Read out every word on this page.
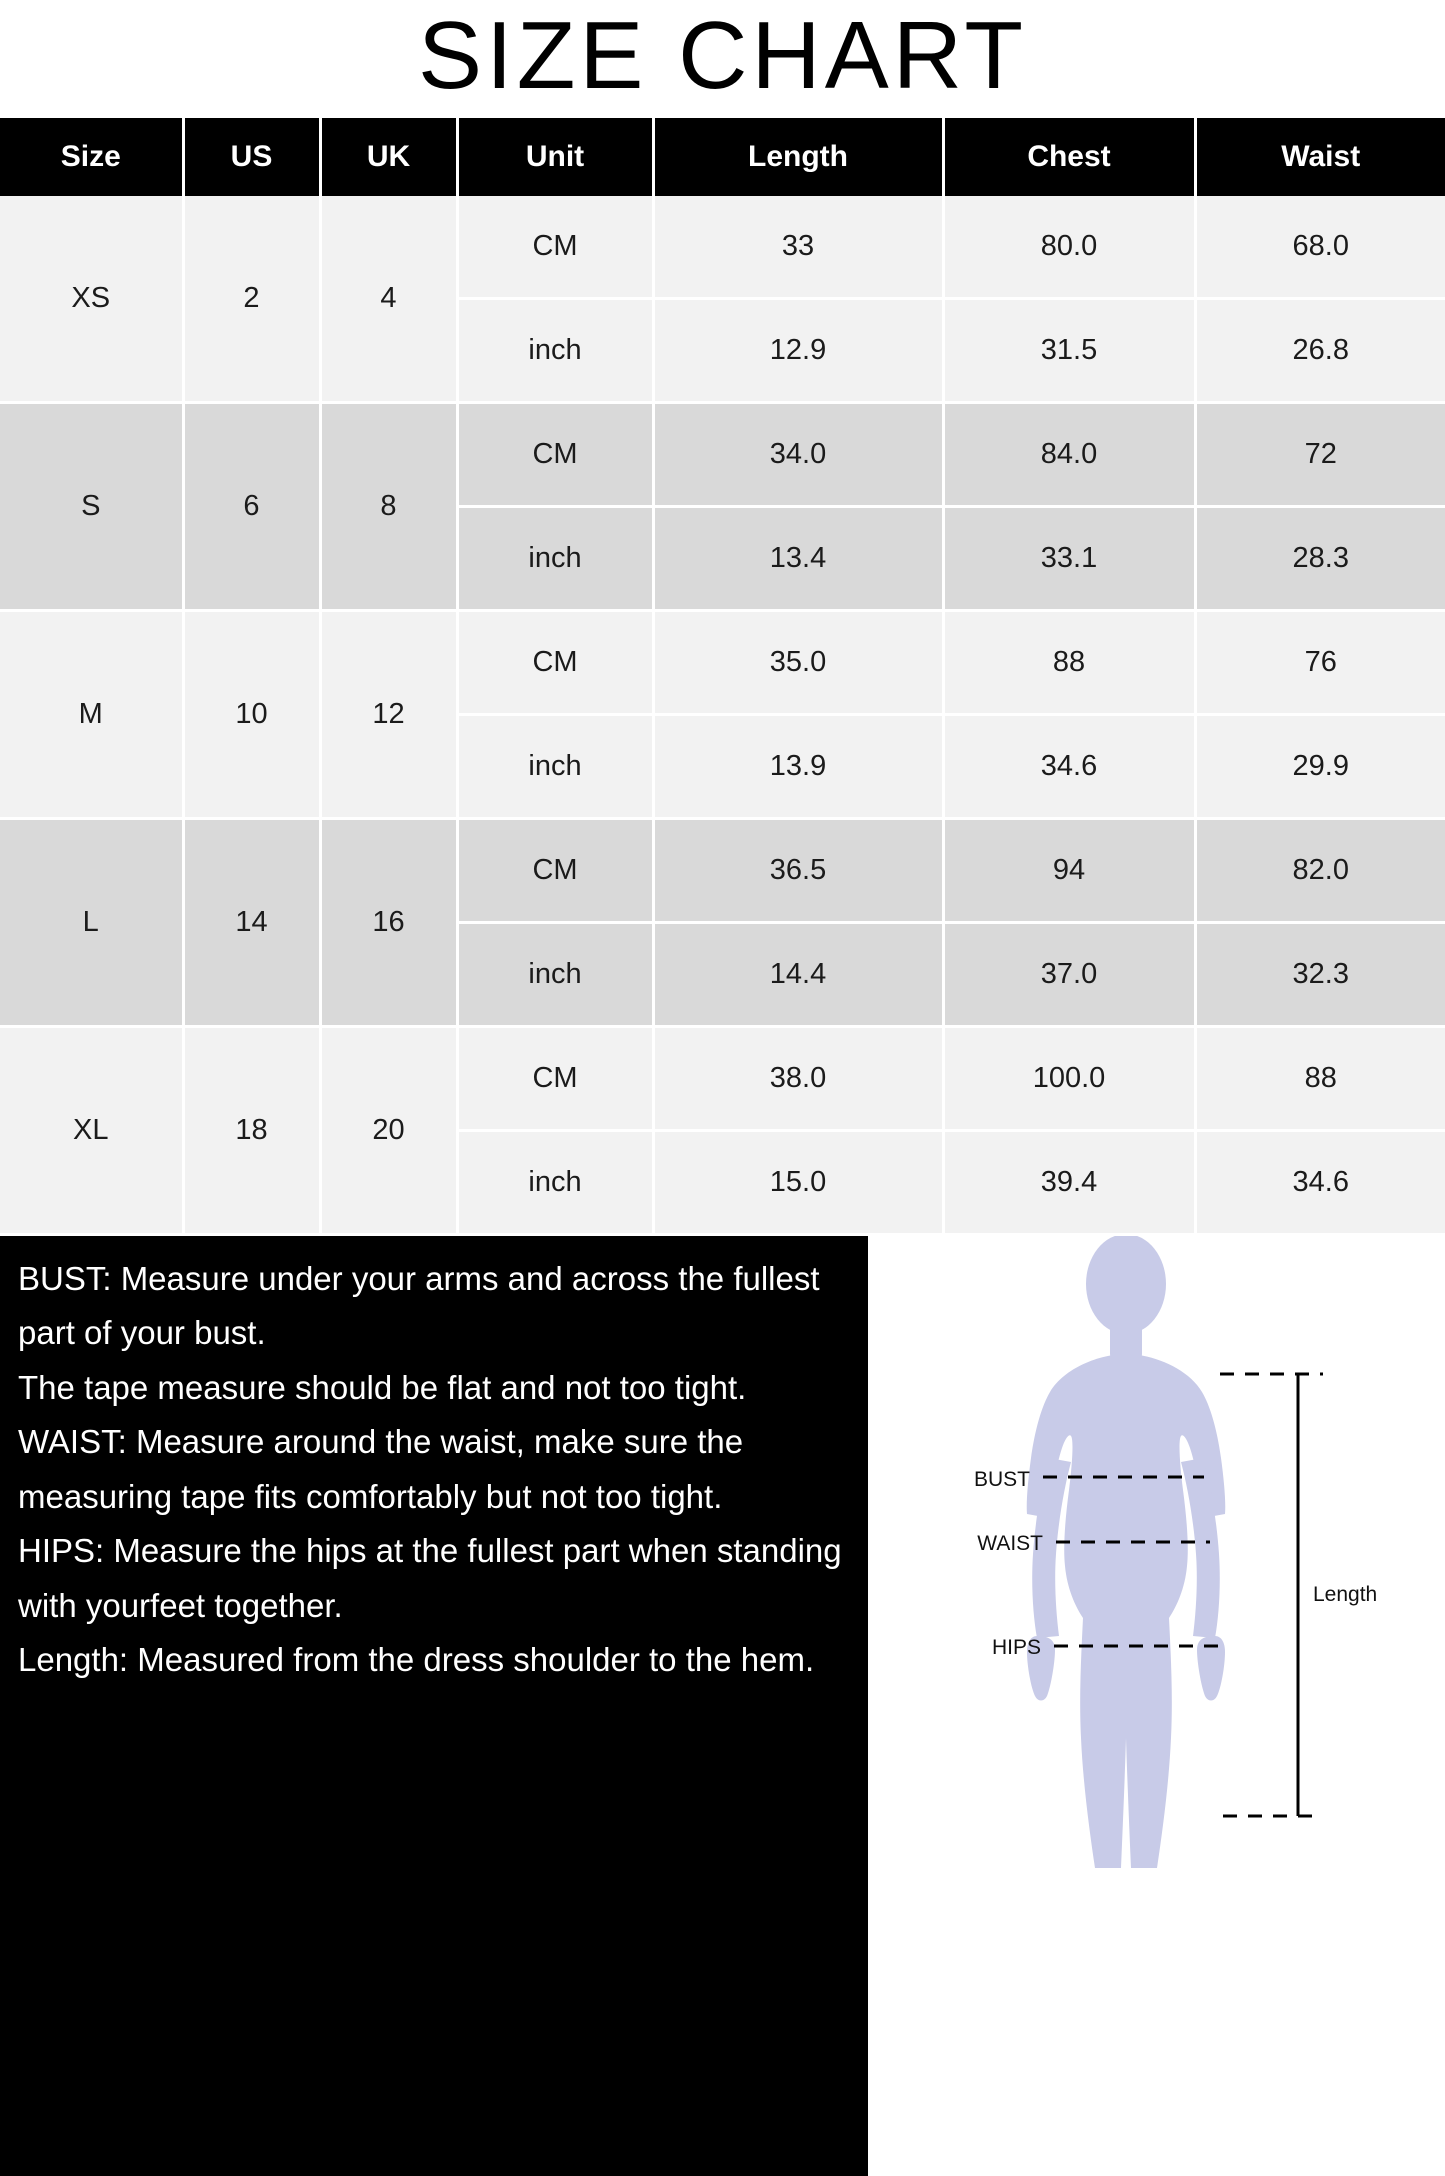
SIZE CHART
Size	US	UK	Unit	Length	Chest	Waist
XS	2	4	CM	33	80.0	68.0
			inch	12.9	31.5	26.8
S	6	8	CM	34.0	84.0	72
			inch	13.4	33.1	28.3
M	10	12	CM	35.0	88	76
			inch	13.9	34.6	29.9
L	14	16	CM	36.5	94	82.0
			inch	14.4	37.0	32.3
XL	18	20	CM	38.0	100.0	88
			inch	15.0	39.4	34.6

BUST: Measure under your arms and across the fullest part of your bust.

The tape measure should be flat and not too tight.

WAIST: Measure around the waist, make sure the measuring tape fits comfortably but not too tight.

HIPS: Measure the hips at the fullest part when standing with yourfeet together.

Length: Measured from the dress shoulder to the hem.

BUST
WAIST
HIPS
Length
